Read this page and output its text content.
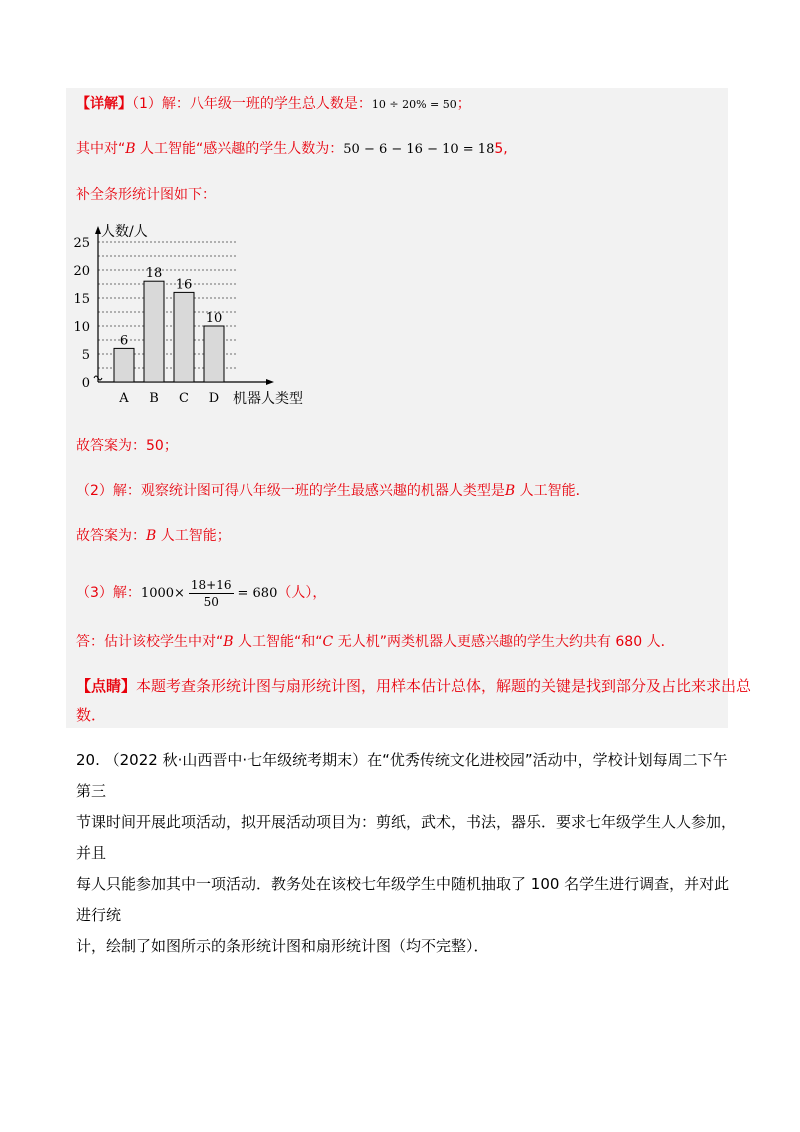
【详解】（1）解：八年级一班的学生总人数是：10 ÷ 20% = 50；
其中对“B 人工智能“感兴趣的学生人数为：50 − 6 − 16 − 10 = 185,
补全条形统计图如下：
0
5
10
15
20
25
6
A
18
B
16
C
10
D
人数/人
机器人类型
故答案为：50；
（2）解：观察统计图可得八年级一班的学生最感兴趣的机器人类型是B 人工智能．
故答案为：B 人工智能；
（3）解：$1000\times \frac{18+16}{50} = 680$（人），
答：估计该校学生中对“B 人工智能“和“C 无人机”两类机器人更感兴趣的学生大约共有 680 人．
【点睛】本题考查条形统计图与扇形统计图，用样本估计总体，解题的关键是找到部分及占比来求出总
数．
20. （2022 秋·山西晋中·七年级统考期末）在“优秀传统文化进校园”活动中，学校计划每周二下午第三
节课时间开展此项活动，拟开展活动项目为：剪纸，武术，书法，器乐．要求七年级学生人人参加，并且
每人只能参加其中一项活动．教务处在该校七年级学生中随机抽取了 100 名学生进行调查，并对此进行统
计，绘制了如图所示的条形统计图和扇形统计图（均不完整）．
